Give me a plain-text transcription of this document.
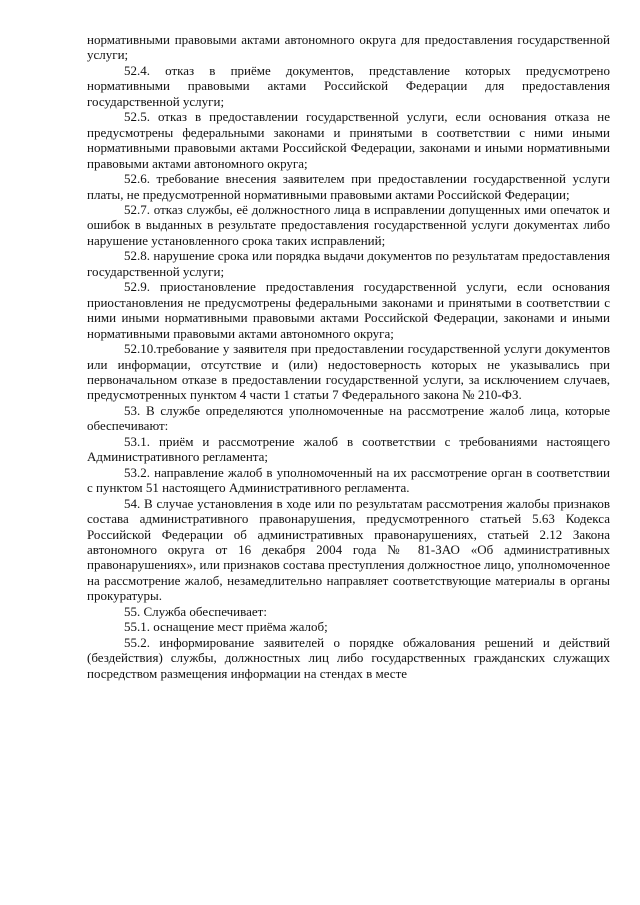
нормативными правовыми актами автономного округа для предоставления государственной услуги;

52.4. отказ в приёме документов, представление которых предусмотрено нормативными правовыми актами Российской Федерации для предоставления государственной услуги;

52.5. отказ в предоставлении государственной услуги, если основания отказа не предусмотрены федеральными законами и принятыми в соответствии с ними иными нормативными правовыми актами Российской Федерации, законами и иными нормативными правовыми актами автономного округа;

52.6. требование внесения заявителем при предоставлении государственной услуги платы, не предусмотренной нормативными правовыми актами Российской Федерации;

52.7. отказ службы, её должностного лица в исправлении допущенных ими опечаток и ошибок в выданных в результате предоставления государственной услуги документах либо нарушение установленного срока таких исправлений;

52.8. нарушение срока или порядка выдачи документов по результатам предоставления государственной услуги;

52.9. приостановление предоставления государственной услуги, если основания приостановления не предусмотрены федеральными законами и принятыми в соответствии с ними иными нормативными правовыми актами Российской Федерации, законами и иными нормативными правовыми актами автономного округа;

52.10.требование у заявителя при предоставлении государственной услуги документов или информации, отсутствие и (или) недостоверность которых не указывались при первоначальном отказе в предоставлении государственной услуги, за исключением случаев, предусмотренных пунктом 4 части 1 статьи 7 Федерального закона № 210-ФЗ.

53. В службе определяются уполномоченные на рассмотрение жалоб лица, которые обеспечивают:

53.1. приём и рассмотрение жалоб в соответствии с требованиями настоящего Административного регламента;

53.2. направление жалоб в уполномоченный на их рассмотрение орган в соответствии с пунктом 51 настоящего Административного регламента.

54. В случае установления в ходе или по результатам рассмотрения жалобы признаков состава административного правонарушения, предусмотренного статьей 5.63 Кодекса Российской Федерации об административных правонарушениях, статьей 2.12 Закона автономного округа от 16 декабря 2004 года № 81-ЗАО «Об административных правонарушениях», или признаков состава преступления должностное лицо, уполномоченное на рассмотрение жалоб, незамедлительно направляет соответствующие материалы в органы прокуратуры.

55. Служба обеспечивает:

55.1. оснащение мест приёма жалоб;

55.2. информирование заявителей о порядке обжалования решений и действий (бездействия) службы, должностных лиц либо государственных гражданских служащих посредством размещения информации на стендах в месте
